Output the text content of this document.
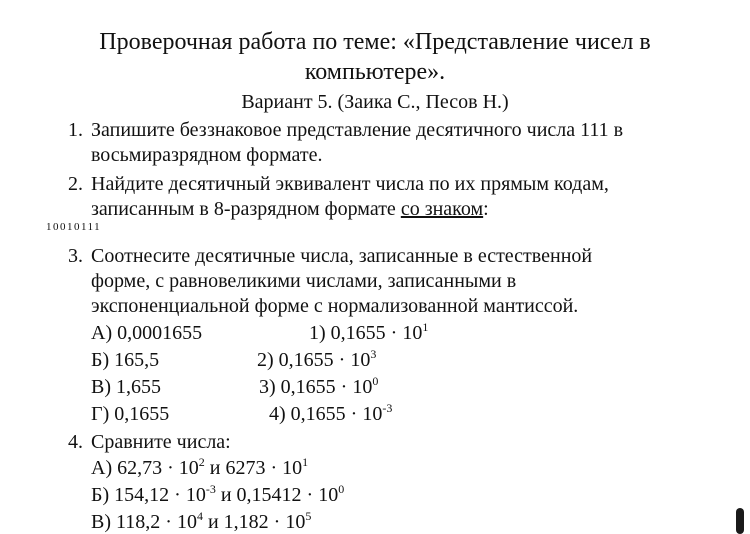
Проверочная работа по теме: «Представление чисел в
компьютере».
Вариант 5. (Заика С., Песов Н.)
1. Запишите беззнаковое представление десятичного числа 111 в
восьмиразрядном формате.
2. Найдите десятичный эквивалент числа по их прямым кодам,
записанным в 8-разрядном формате со знаком:
10010111
3. Соотнесите десятичные числа, записанные в естественной
форме, с равновеликими числами, записанными в
экспоненциальной форме с нормализованной мантиссой.
А) 0,0001655
Б) 165,5
В) 1,655
Г) 0,1655
1) $0,1655 \cdot 10^1$
2) $0,1655 \cdot 10^3$
3) $0,1655 \cdot 10^0$
4) $0,1655 \cdot 10^{-3}$
4. Сравните числа:
А) $62,73 \cdot 10^2$ и $6273 \cdot 10^1$
Б) $154,12 \cdot 10^{-3}$ и $0,15412 \cdot 10^0$
В) $118,2 \cdot 10^4$ и $1,182 \cdot 10^5$
